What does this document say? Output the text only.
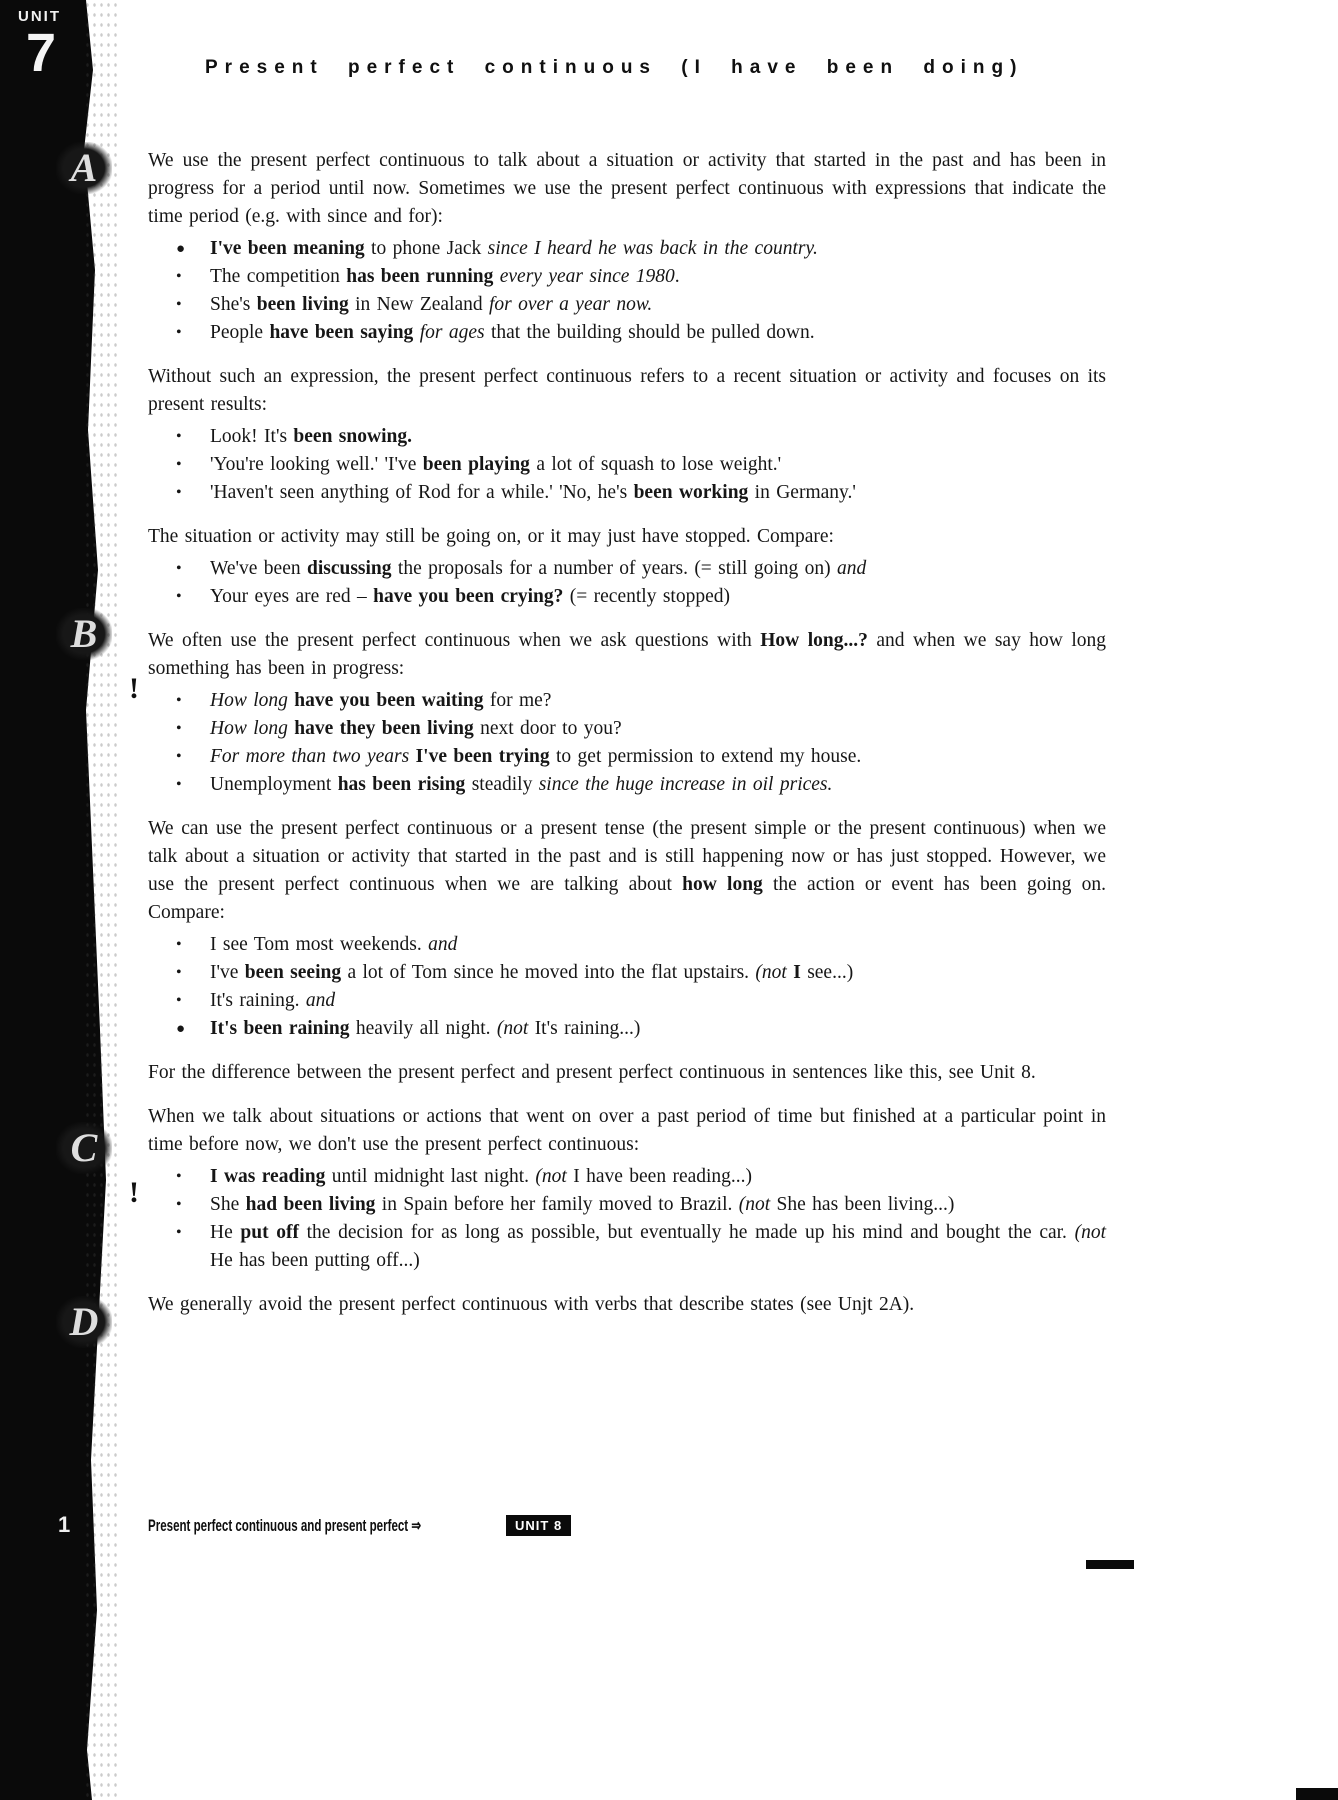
UNIT
7
A
B
C
D
!
!
Present perfect continuous (I have been doing)

We use the present perfect continuous to talk about a situation or activity that started in the past and has been in progress for a period until now. Sometimes we use the present perfect continuous with expressions that indicate the time period (e.g. with since and for):

● I've been meaning to phone Jack since I heard he was back in the country.
• The competition has been running every year since 1980.
• She's been living in New Zealand for over a year now.
• People have been saying for ages that the building should be pulled down.

Without such an expression, the present perfect continuous refers to a recent situation or activity and focuses on its present results:

• Look! It's been snowing.
• 'You're looking well.' 'I've been playing a lot of squash to lose weight.'
• 'Haven't seen anything of Rod for a while.' 'No, he's been working in Germany.'

The situation or activity may still be going on, or it may just have stopped. Compare:

• We've been discussing the proposals for a number of years. (= still going on) and
• Your eyes are red – have you been crying? (= recently stopped)

We often use the present perfect continuous when we ask questions with How long...? and when we say how long something has been in progress:

• How long have you been waiting for me?
• How long have they been living next door to you?
• For more than two years I've been trying to get permission to extend my house.
• Unemployment has been rising steadily since the huge increase in oil prices.

We can use the present perfect continuous or a present tense (the present simple or the present continuous) when we talk about a situation or activity that started in the past and is still happening now or has just stopped. However, we use the present perfect continuous when we are talking about how long the action or event has been going on. Compare:

• I see Tom most weekends. and
• I've been seeing a lot of Tom since he moved into the flat upstairs. (not I see...)
• It's raining. and
● It's been raining heavily all night. (not It's raining...)

For the difference between the present perfect and present perfect continuous in sentences like this, see Unit 8.

When we talk about situations or actions that went on over a past period of time but finished at a particular point in time before now, we don't use the present perfect continuous:

• I was reading until midnight last night. (not I have been reading...)
• She had been living in Spain before her family moved to Brazil. (not She has been living...)
• He put off the decision for as long as possible, but eventually he made up his mind and bought the car. (not He has been putting off...)

We generally avoid the present perfect continuous with verbs that describe states (see Unjt 2A).

Present perfect continuous and present perfect ⇒	UNIT 8
1
